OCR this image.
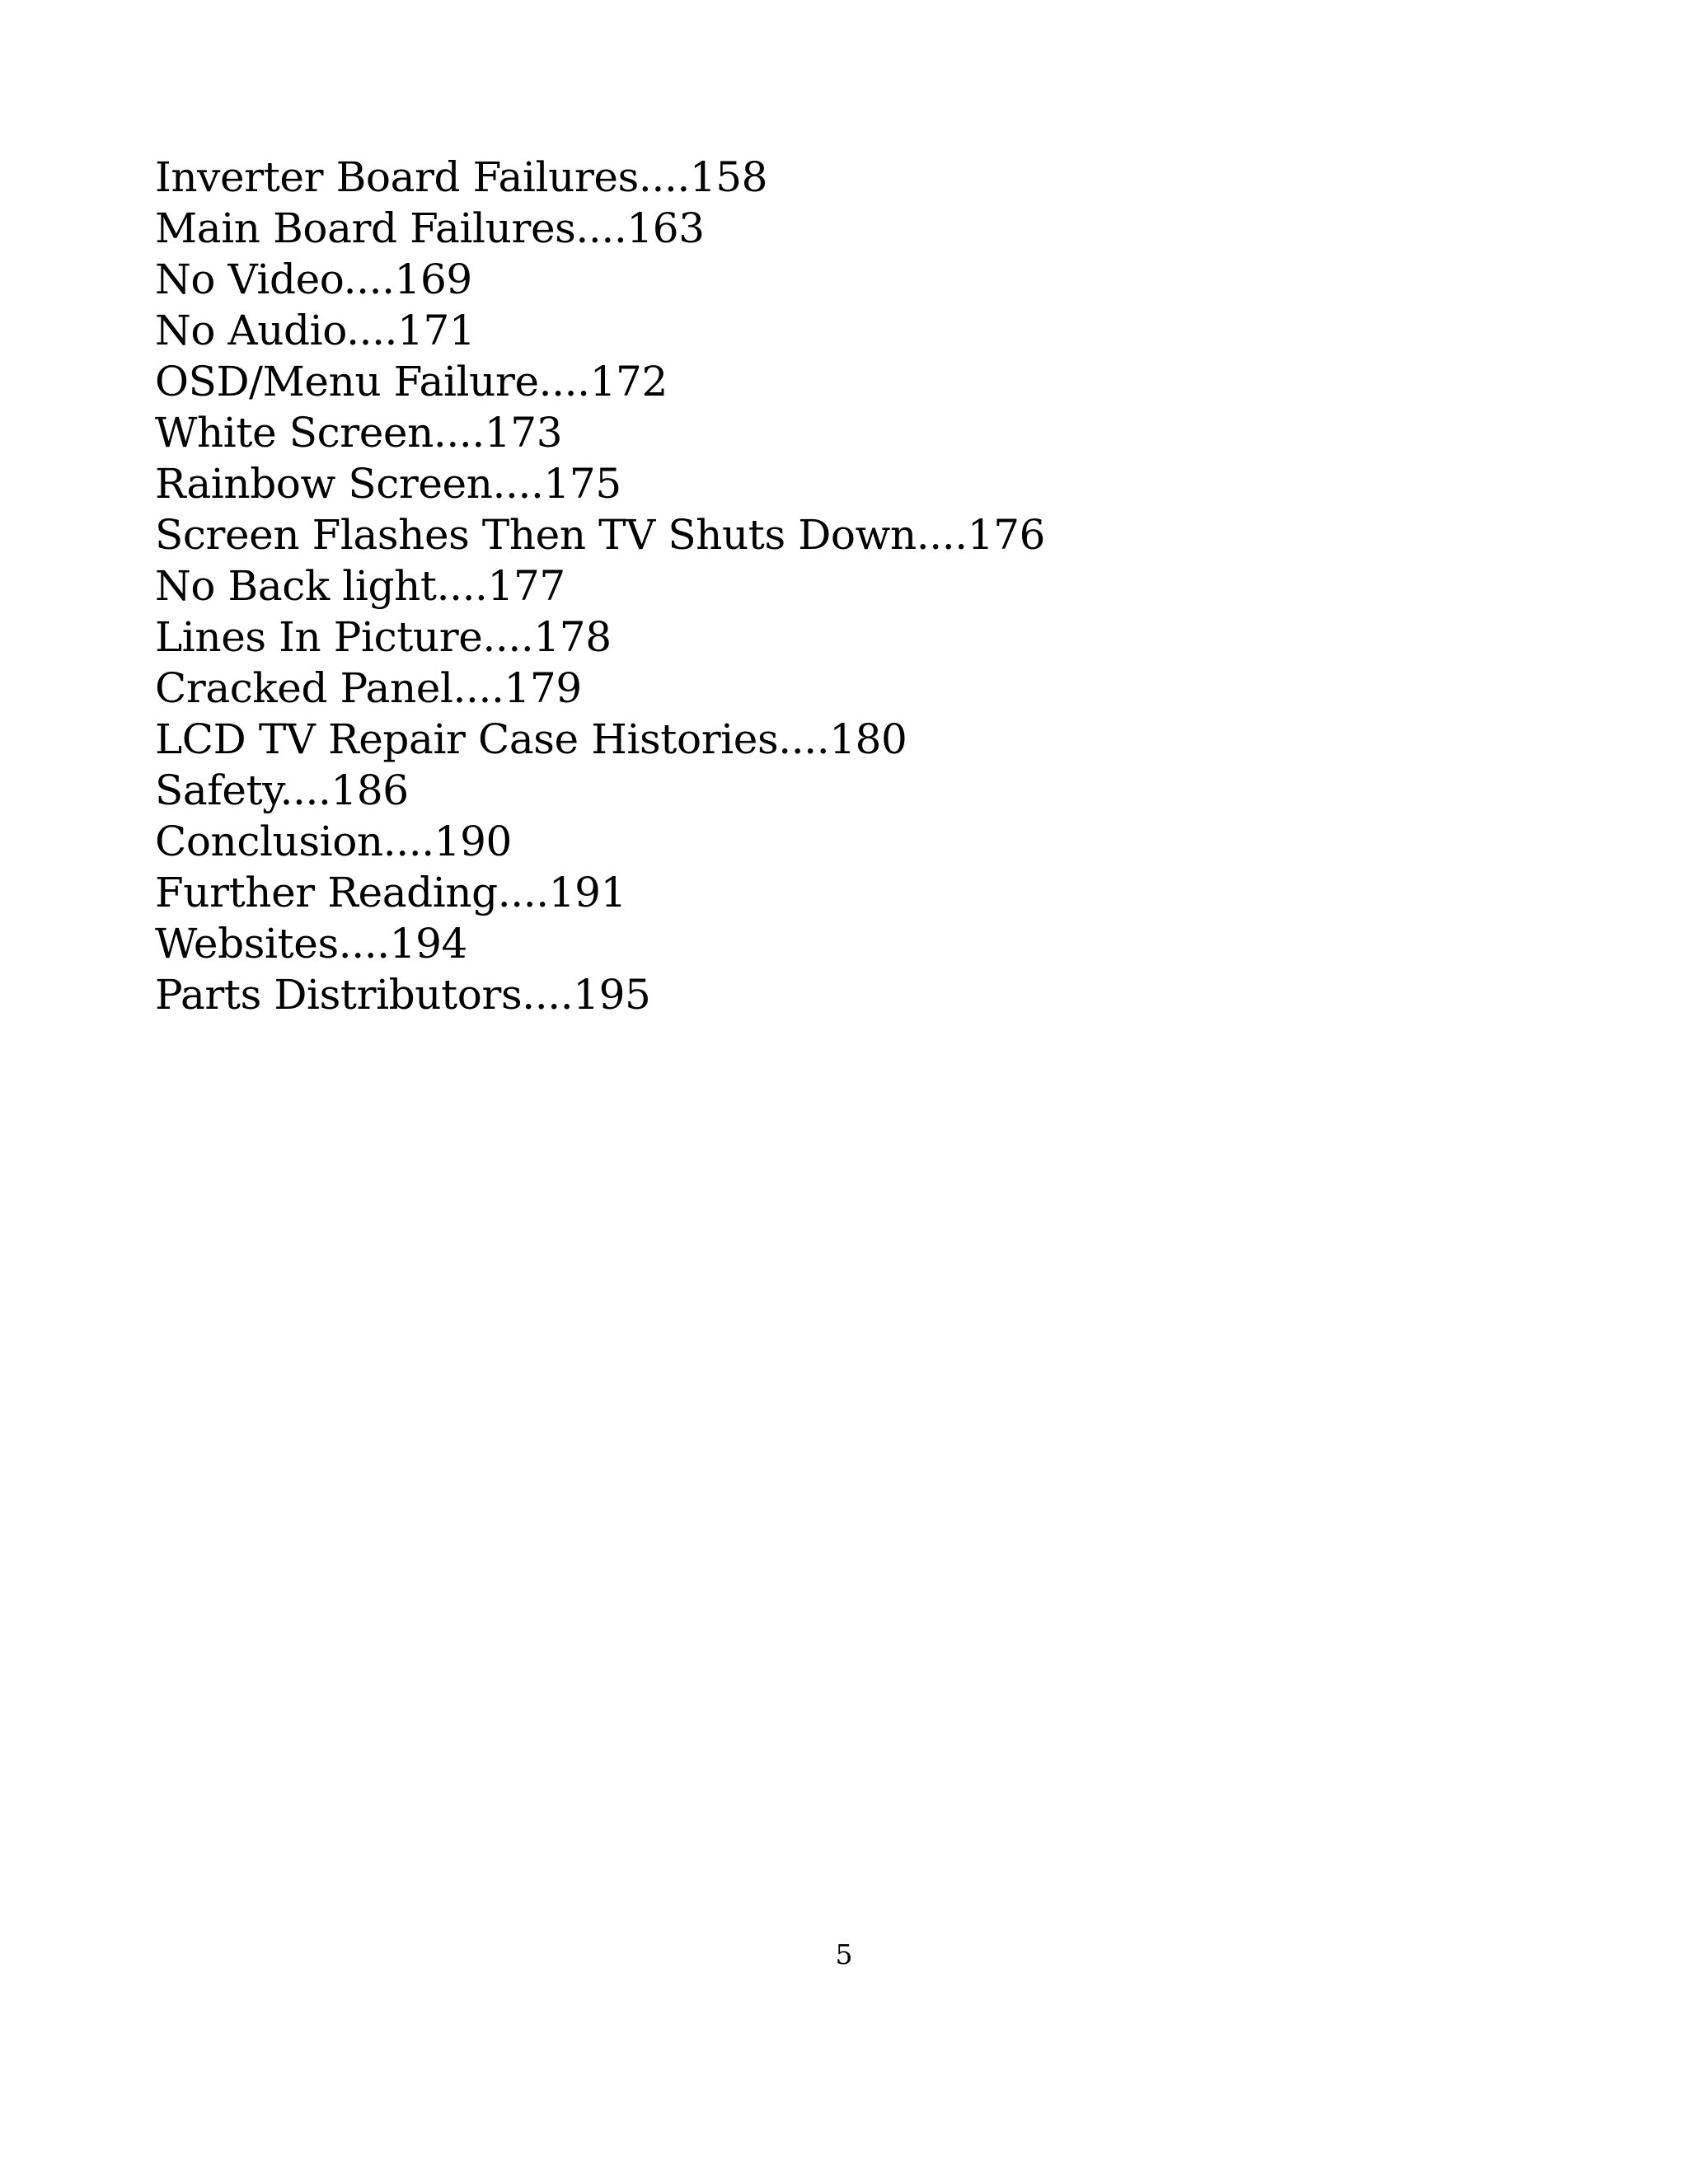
Inverter Board Failures....158
Main Board Failures....163
No Video....169
No Audio....171
OSD/Menu Failure....172
White Screen....173
Rainbow Screen....175
Screen Flashes Then TV Shuts Down....176
No Back light....177
Lines In Picture....178
Cracked Panel....179
LCD TV Repair Case Histories....180
Safety....186
Conclusion....190
Further Reading....191
Websites....194
Parts Distributors....195
5
